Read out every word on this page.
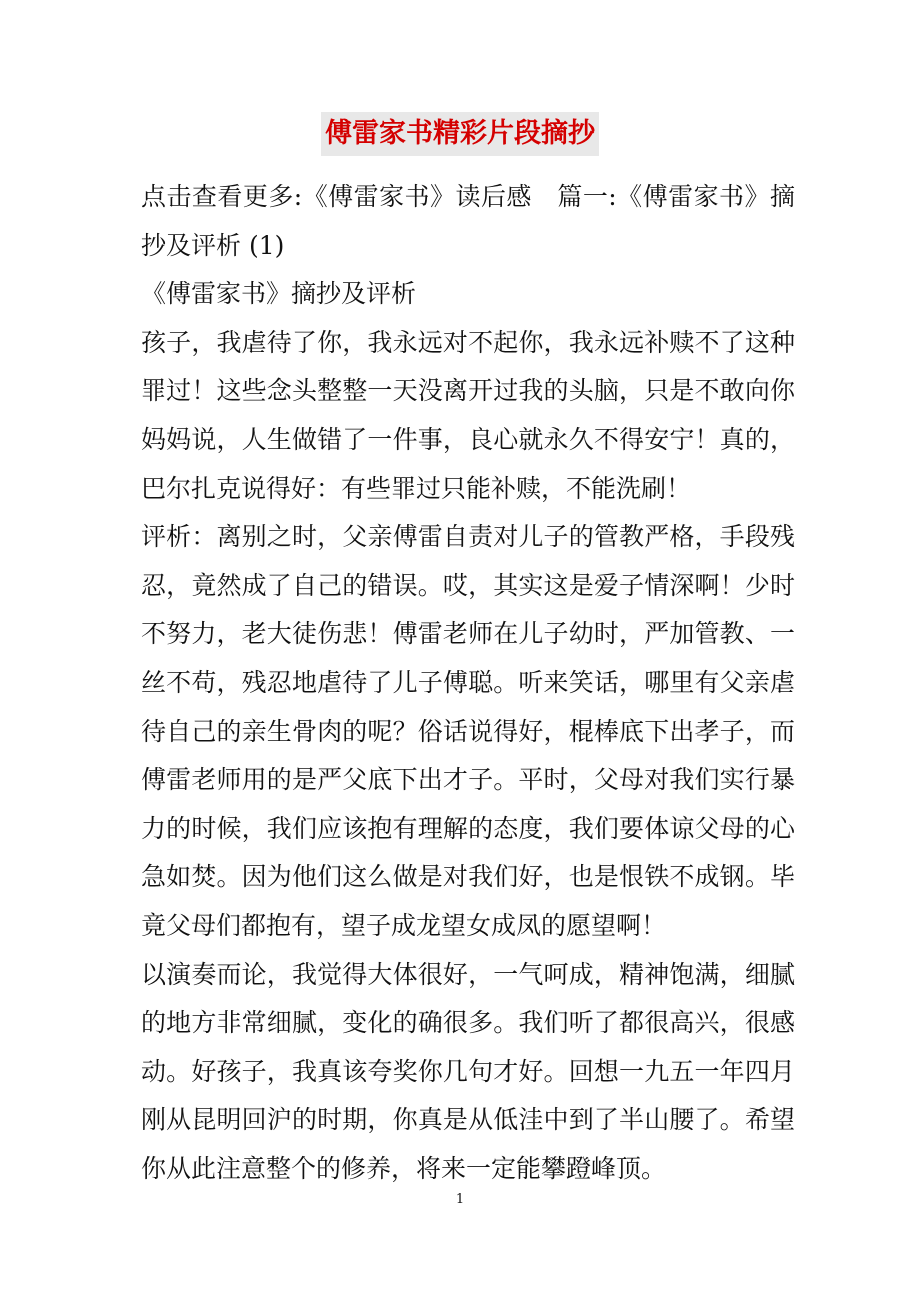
傅雷家书精彩片段摘抄
点击查看更多:《傅雷家书》读后感　篇一:《傅雷家书》摘
抄及评析 (1)
《傅雷家书》摘抄及评析
孩子，我虐待了你，我永远对不起你，我永远补赎不了这种
罪过！这些念头整整一天没离开过我的头脑，只是不敢向你
妈妈说，人生做错了一件事，良心就永久不得安宁！真的，
巴尔扎克说得好：有些罪过只能补赎，不能洗刷！
评析：离别之时，父亲傅雷自责对儿子的管教严格，手段残
忍，竟然成了自己的错误。哎，其实这是爱子情深啊！少时
不努力，老大徒伤悲！傅雷老师在儿子幼时，严加管教、一
丝不苟，残忍地虐待了儿子傅聪。听来笑话，哪里有父亲虐
待自己的亲生骨肉的呢？俗话说得好，棍棒底下出孝子，而
傅雷老师用的是严父底下出才子。平时，父母对我们实行暴
力的时候，我们应该抱有理解的态度，我们要体谅父母的心
急如焚。因为他们这么做是对我们好，也是恨铁不成钢。毕
竟父母们都抱有，望子成龙望女成凤的愿望啊！
以演奏而论，我觉得大体很好，一气呵成，精神饱满，细腻
的地方非常细腻，变化的确很多。我们听了都很高兴，很感
动。好孩子，我真该夸奖你几句才好。回想一九五一年四月
刚从昆明回沪的时期，你真是从低洼中到了半山腰了。希望
你从此注意整个的修养，将来一定能攀蹬峰顶。
1
